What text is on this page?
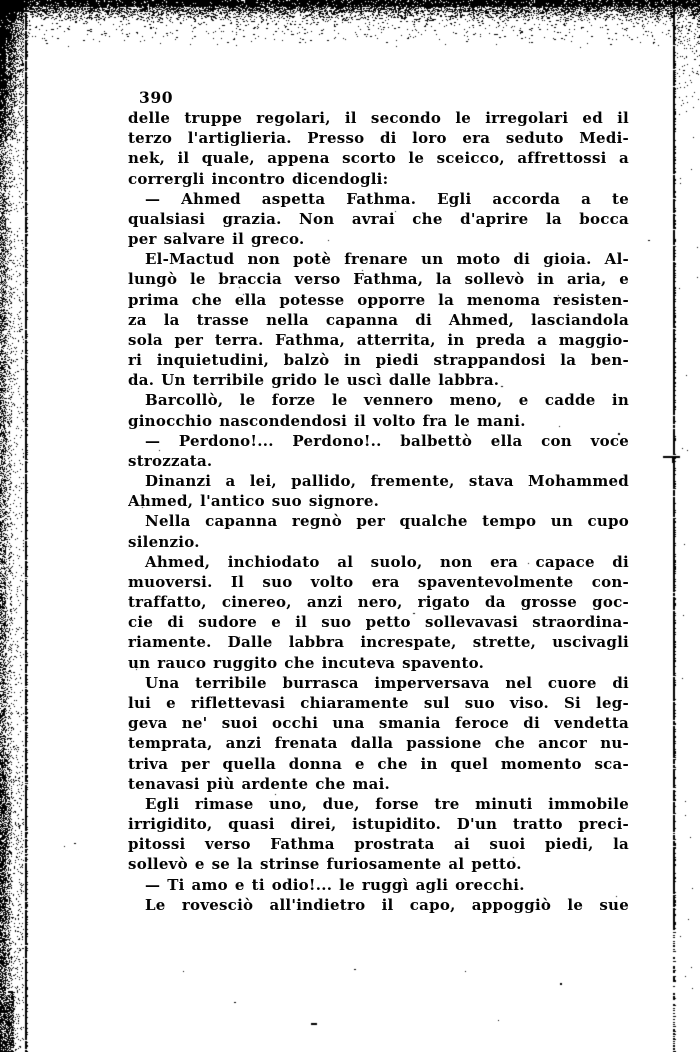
390
delle truppe regolari, il secondo le irregolari ed il
terzo l'artiglieria. Presso di loro era seduto Medi-
nek, il quale, appena scorto le sceicco, affrettossi a
corrergli incontro dicendogli:
— Ahmed aspetta Fathma. Egli accorda a te
qualsiasi grazia. Non avrai che d'aprire la bocca
per salvare il greco.
El-Mactud non potè frenare un moto di gioia. Al-
lungò le braccia verso Fathma, la sollevò in aria, e
prima che ella potesse opporre la menoma resisten-
za la trasse nella capanna di Ahmed, lasciandola
sola per terra. Fathma, atterrita, in preda a maggio-
ri inquietudini, balzò in piedi strappandosi la ben-
da. Un terribile grido le uscì dalle labbra.
Barcollò, le forze le vennero meno, e cadde in
ginocchio nascondendosi il volto fra le mani.
— Perdono!... Perdono!.. balbettò ella con voce
strozzata.
Dinanzi a lei, pallido, fremente, stava Mohammed
Ahmed, l'antico suo signore.
Nella capanna regnò per qualche tempo un cupo
silenzio.
Ahmed, inchiodato al suolo, non era capace di
muoversi. Il suo volto era spaventevolmente con-
traffatto, cinereo, anzi nero, rigato da grosse goc-
cie di sudore e il suo petto sollevavasi straordina-
riamente. Dalle labbra increspate, strette, uscivagli
un rauco ruggito che incuteva spavento.
Una terribile burrasca imperversava nel cuore di
lui e riflettevasi chiaramente sul suo viso. Si leg-
geva ne' suoi occhi una smania feroce di vendetta
temprata, anzi frenata dalla passione che ancor nu-
triva per quella donna e che in quel momento sca-
tenavasi più ardente che mai.
Egli rimase uno, due, forse tre minuti immobile
irrigidito, quasi direi, istupidito. D'un tratto preci-
pitossi verso Fathma prostrata ai suoi piedi, la
sollevò e se la strinse furiosamente al petto.
— Ti amo e ti odio!... le ruggì agli orecchi.
Le rovesciò all'indietro il capo, appoggiò le sue
